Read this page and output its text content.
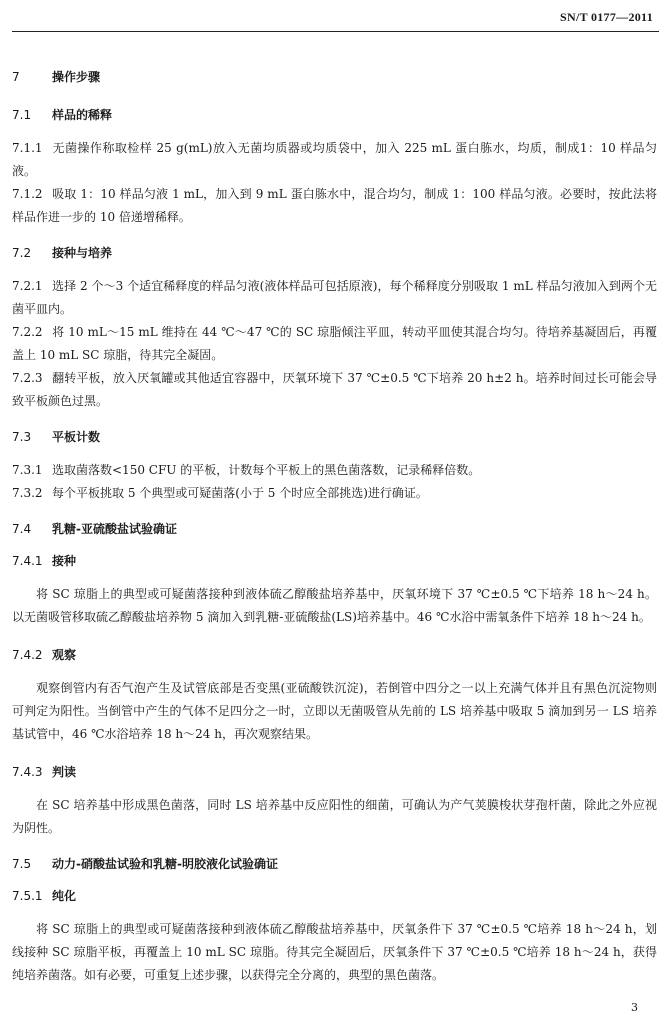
SN/T 0177—2011
7	操作步骤
7.1 样品的稀释

7.1.1 无菌操作称取检样 25 g(mL)放入无菌均质器或均质袋中，加入 225 mL 蛋白胨水，均质，制成1：10 样品匀液。

7.1.2 吸取 1：10 样品匀液 1 mL，加入到 9 mL 蛋白胨水中，混合均匀，制成 1：100 样品匀液。必要时，按此法将样品作进一步的 10 倍递增稀释。

7.2 接种与培养

7.2.1 选择 2 个～3 个适宜稀释度的样品匀液(液体样品可包括原液)，每个稀释度分别吸取 1 mL 样品匀液加入到两个无菌平皿内。

7.2.2 将 10 mL～15 mL 维持在 44 ℃～47 ℃的 SC 琼脂倾注平皿，转动平皿使其混合均匀。待培养基凝固后，再覆盖上 10 mL SC 琼脂，待其完全凝固。

7.2.3 翻转平板，放入厌氧罐或其他适宜容器中，厌氧环境下 37 ℃±0.5 ℃下培养 20 h±2 h。培养时间过长可能会导致平板颜色过黑。

7.3 平板计数

7.3.1 选取菌落数<150 CFU 的平板，计数每个平板上的黑色菌落数，记录稀释倍数。

7.3.2 每个平板挑取 5 个典型或可疑菌落(小于 5 个时应全部挑选)进行确证。

7.4 乳糖-亚硫酸盐试验确证
7.4.1 接种

将 SC 琼脂上的典型或可疑菌落接种到液体硫乙醇酸盐培养基中，厌氧环境下 37 ℃±0.5 ℃下培养 18 h～24 h。以无菌吸管移取硫乙醇酸盐培养物 5 滴加入到乳糖-亚硫酸盐(LS)培养基中。46 ℃水浴中需氧条件下培养 18 h～24 h。

7.4.2 观察

观察倒管内有否气泡产生及试管底部是否变黑(亚硫酸铁沉淀)，若倒管中四分之一以上充满气体并且有黑色沉淀物则可判定为阳性。当倒管中产生的气体不足四分之一时，立即以无菌吸管从先前的 LS 培养基中吸取 5 滴加到另一 LS 培养基试管中，46 ℃水浴培养 18 h～24 h，再次观察结果。

7.4.3 判读

在 SC 培养基中形成黑色菌落，同时 LS 培养基中反应阳性的细菌，可确认为产气荚膜梭状芽孢杆菌，除此之外应视为阴性。

7.5 动力-硝酸盐试验和乳糖-明胶液化试验确证
7.5.1 纯化

将 SC 琼脂上的典型或可疑菌落接种到液体硫乙醇酸盐培养基中，厌氧条件下 37 ℃±0.5 ℃培养 18 h～24 h，划线接种 SC 琼脂平板，再覆盖上 10 mL SC 琼脂。待其完全凝固后，厌氧条件下 37 ℃±0.5 ℃培养 18 h～24 h，获得纯培养菌落。如有必要，可重复上述步骤，以获得完全分离的，典型的黑色菌落。

3
